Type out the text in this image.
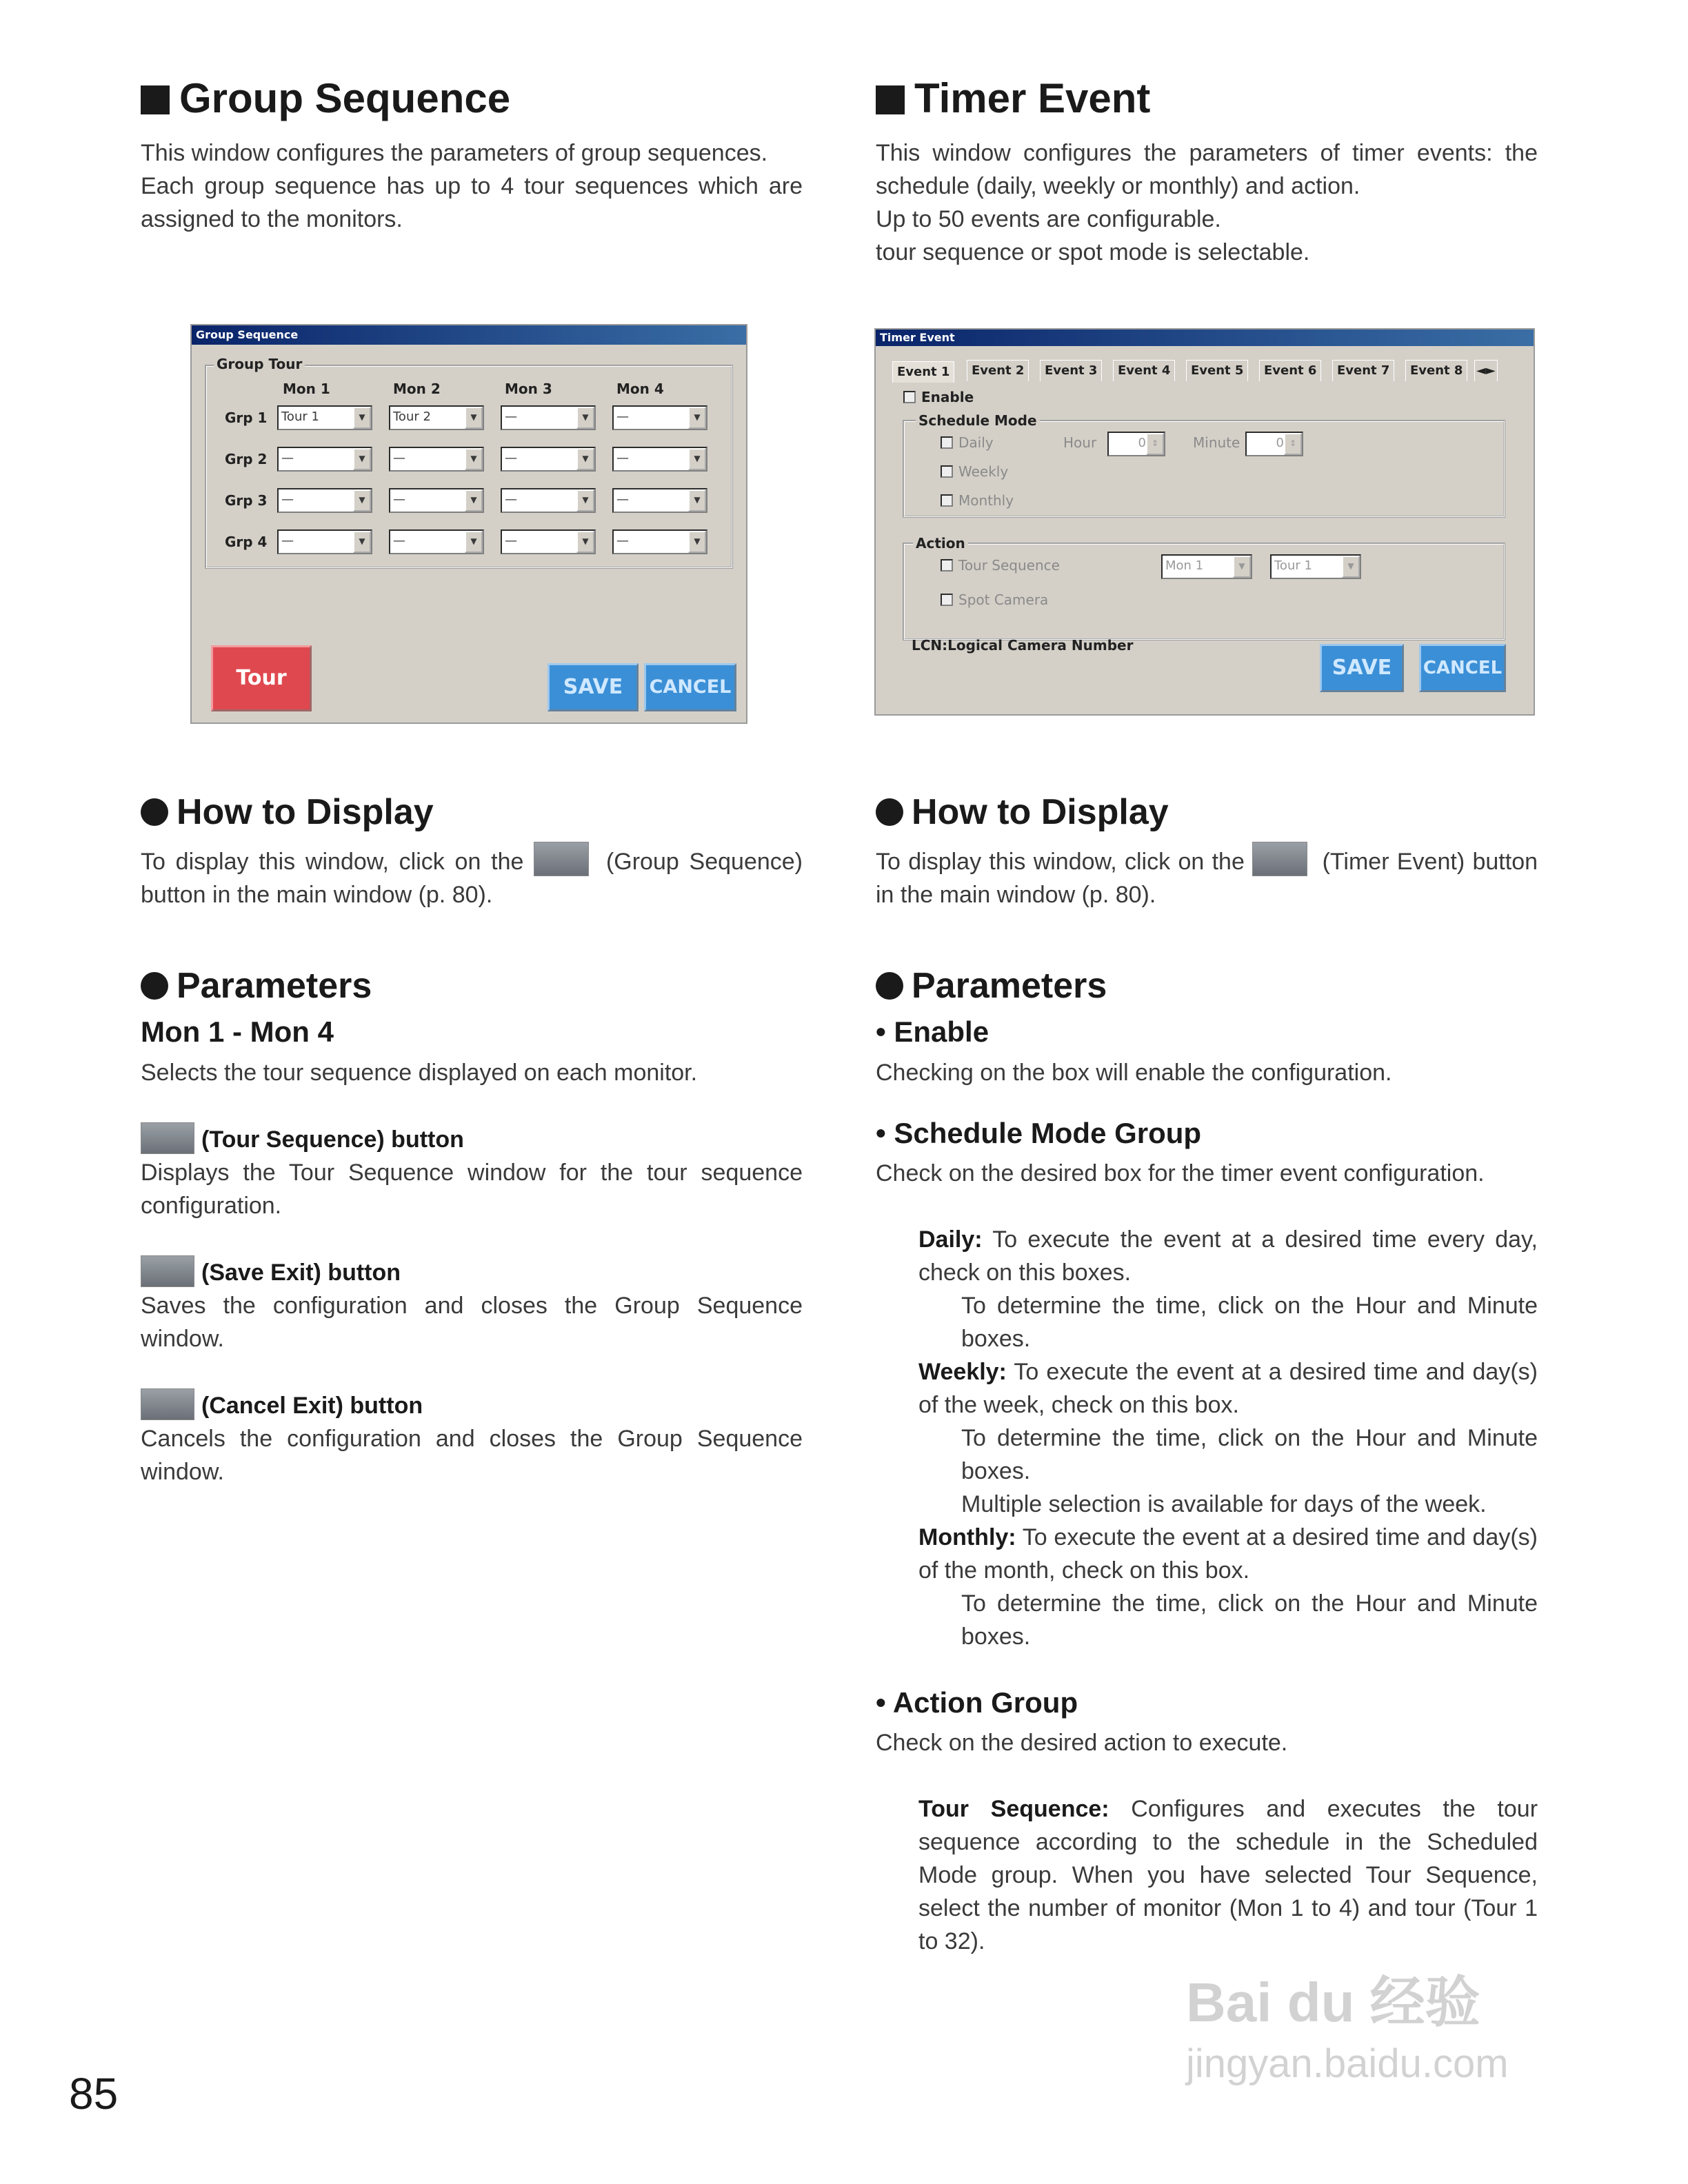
Group Sequence

This window configures the parameters of group sequences.

Each group sequence has up to 4 tour sequences which are assigned to the monitors.

Group Sequence
Group Tour
Mon 1	Mon 2	Mon 3	Mon 4
Grp 1	Tour 1	▼	Tour 2	▼	—	▼	—	▼
Grp 2	—	▼	—	▼	—	▼	—	▼
Grp 3	—	▼	—	▼	—	▼	—	▼
Grp 4	—	▼	—	▼	—	▼	—	▼
Tour	SAVE	CANCEL
How to Display

To display this window, click on the	(Group Sequence) button in the main window (p. 80).

Parameters
Mon 1 - Mon 4

Selects the tour sequence displayed on each monitor.

(Tour Sequence) button

Displays the Tour Sequence window for the tour sequence configuration.

(Save Exit) button

Saves the configuration and closes the Group Sequence window.

(Cancel Exit) button

Cancels the configuration and closes the Group Sequence window.

Timer Event

This window configures the parameters of timer events: the schedule (daily, weekly or monthly) and action.

Up to 50 events are configurable.

tour sequence or spot mode is selectable.

Timer Event
Event 1	Event 2	Event 3	Event 4	Event 5	Event 6	Event 7	Event 8	◄►
Enable
Schedule Mode
Daily
Weekly
Monthly
Hour	0 ⇕	Minute	0 ⇕
Action
Tour Sequence
Spot Camera
Mon 1	▼	Tour 1	▼
LCN:Logical Camera Number
SAVE	CANCEL
How to Display

To display this window, click on the	(Timer Event) button in the main window (p. 80).

Parameters
• Enable

Checking on the box will enable the configuration.

• Schedule Mode Group

Check on the desired box for the timer event configuration.

Daily: To execute the event at a desired time every day, check on this boxes.

To determine the time, click on the Hour and Minute boxes.

Weekly: To execute the event at a desired time and day(s) of the week, check on this box.

To determine the time, click on the Hour and Minute boxes.

Multiple selection is available for days of the week.

Monthly: To execute the event at a desired time and day(s) of the month, check on this box.

To determine the time, click on the Hour and Minute boxes.

• Action Group

Check on the desired action to execute.

Tour Sequence: Configures and executes the tour sequence according to the schedule in the Scheduled Mode group. When you have selected Tour Sequence, select the number of monitor (Mon 1 to 4) and tour (Tour 1 to 32).

85
Bai du 经验
jingyan.baidu.com
